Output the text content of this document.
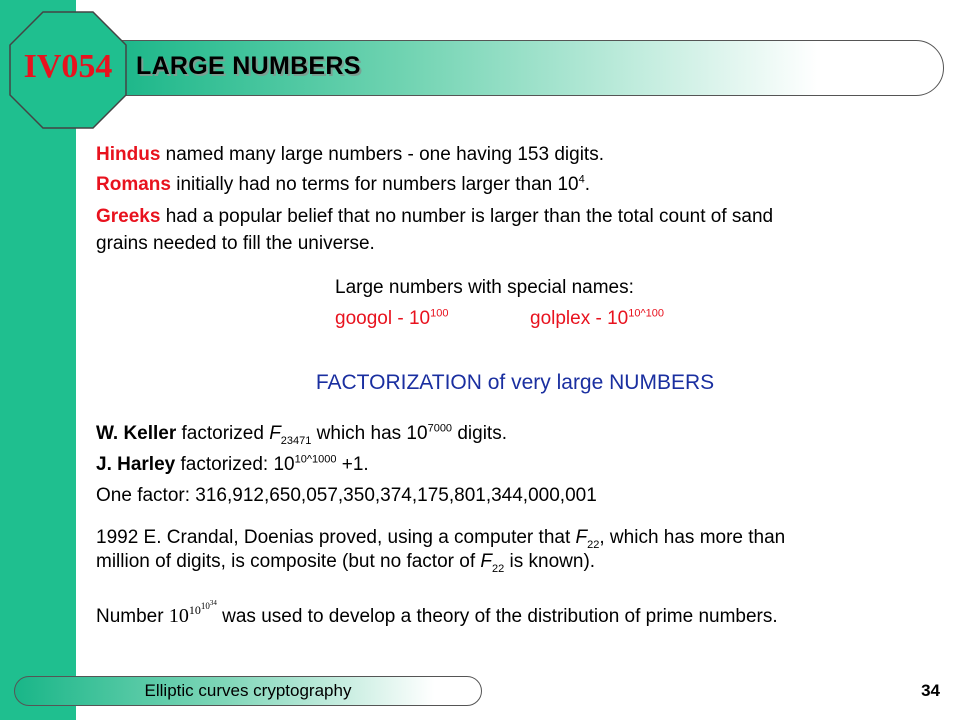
LARGE NUMBERS
IV054
Hindus named many large numbers - one having 153 digits.
Romans initially had no terms for numbers larger than $10^4$.
Greeks had a popular belief that no number is larger than the total count of sand
grains needed to fill the universe.
Large numbers with special names:
googol - $10^{100}$	golplex - $10^{10\^{}100}$
FACTORIZATION of very large NUMBERS
W. Keller factorized $F_{23471}$ which has $10^{7000}$ digits.
J. Harley factorized: $10^{10\^{}1000} +1$.
One factor: 316,912,650,057,350,374,175,801,344,000,001
1992 E. Crandal, Doenias proved, using a computer that $F_{22}$, which has more than
million of digits, is composite (but no factor of $F_{22}$ is known).
Number $10^{10^{10^{34}}}$ was used to develop a theory of the distribution of prime numbers.
Elliptic curves cryptography	34
